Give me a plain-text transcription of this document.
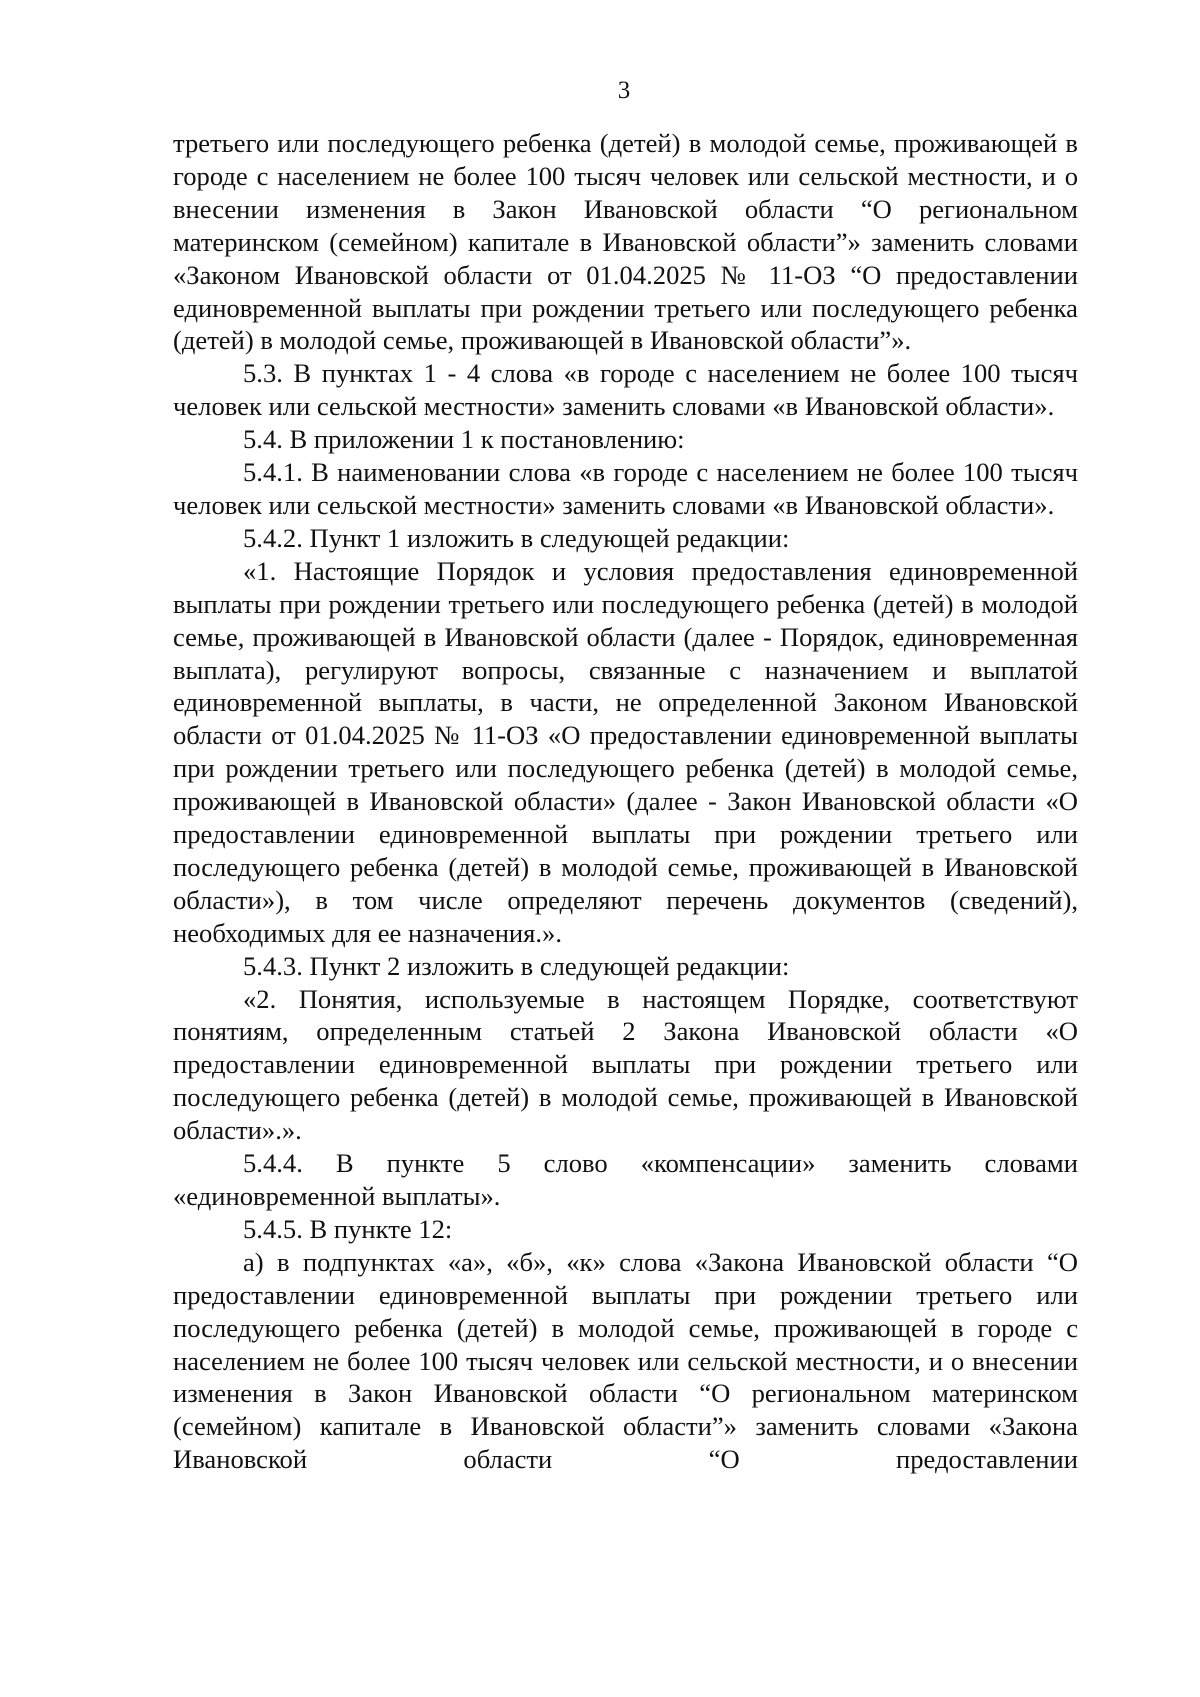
3

третьего или последующего ребенка (детей) в молодой семье, проживающей в городе с населением не более 100 тысяч человек или сельской местности, и о внесении изменения в Закон Ивановской области “О региональном материнском (семейном) капитале в Ивановской области”» заменить словами «Законом Ивановской области от 01.04.2025 № 11-ОЗ “О предоставлении единовременной выплаты при рождении третьего или последующего ребенка (детей) в молодой семье, проживающей в Ивановской области”».

5.3. В пунктах 1 - 4 слова «в городе с населением не более 100 тысяч человек или сельской местности» заменить словами «в Ивановской области».

5.4. В приложении 1 к постановлению:

5.4.1. В наименовании слова «в городе с населением не более 100 тысяч человек или сельской местности» заменить словами «в Ивановской области».

5.4.2. Пункт 1 изложить в следующей редакции:

«1. Настоящие Порядок и условия предоставления единовременной выплаты при рождении третьего или последующего ребенка (детей) в молодой семье, проживающей в Ивановской области (далее - Порядок, единовременная выплата), регулируют вопросы, связанные с назначением и выплатой единовременной выплаты, в части, не определенной Законом Ивановской области от 01.04.2025 № 11-ОЗ «О предоставлении единовременной выплаты при рождении третьего или последующего ребенка (детей) в молодой семье, проживающей в Ивановской области» (далее - Закон Ивановской области «О предоставлении единовременной выплаты при рождении третьего или последующего ребенка (детей) в молодой семье, проживающей в Ивановской области»), в том числе определяют перечень документов (сведений), необходимых для ее назначения.».

5.4.3. Пункт 2 изложить в следующей редакции:

«2. Понятия, используемые в настоящем Порядке, соответствуют понятиям, определенным статьей 2 Закона Ивановской области «О предоставлении единовременной выплаты при рождении третьего или последующего ребенка (детей) в молодой семье, проживающей в Ивановской области».».

5.4.4. В пункте 5 слово «компенсации» заменить словами «единовременной выплаты».

5.4.5. В пункте 12:

а) в подпунктах «а», «б», «к» слова «Закона Ивановской области “О предоставлении единовременной выплаты при рождении третьего или последующего ребенка (детей) в молодой семье, проживающей в городе с населением не более 100 тысяч человек или сельской местности, и о внесении изменения в Закон Ивановской области “О региональном материнском (семейном) капитале в Ивановской области”» заменить словами «Закона Ивановской области “О предоставлении
